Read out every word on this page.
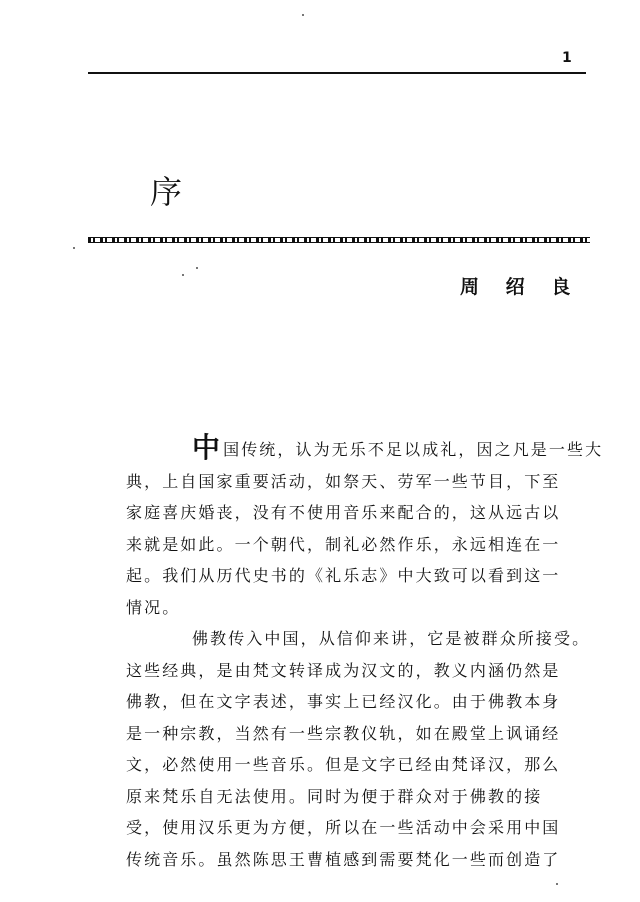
1
序
周 绍 良
中国传统，认为无乐不足以成礼，因之凡是一些大
典，上自国家重要活动，如祭天、劳军一些节目，下至
家庭喜庆婚丧，没有不使用音乐来配合的，这从远古以
来就是如此。一个朝代，制礼必然作乐，永远相连在一
起。我们从历代史书的《礼乐志》中大致可以看到这一
情况。
佛教传入中国，从信仰来讲，它是被群众所接受。
这些经典，是由梵文转译成为汉文的，教义内涵仍然是
佛教，但在文字表述，事实上已经汉化。由于佛教本身
是一种宗教，当然有一些宗教仪轨，如在殿堂上讽诵经
文，必然使用一些音乐。但是文字已经由梵译汉，那么
原来梵乐自无法使用。同时为便于群众对于佛教的接
受，使用汉乐更为方便，所以在一些活动中会采用中国
传统音乐。虽然陈思王曹植感到需要梵化一些而创造了
